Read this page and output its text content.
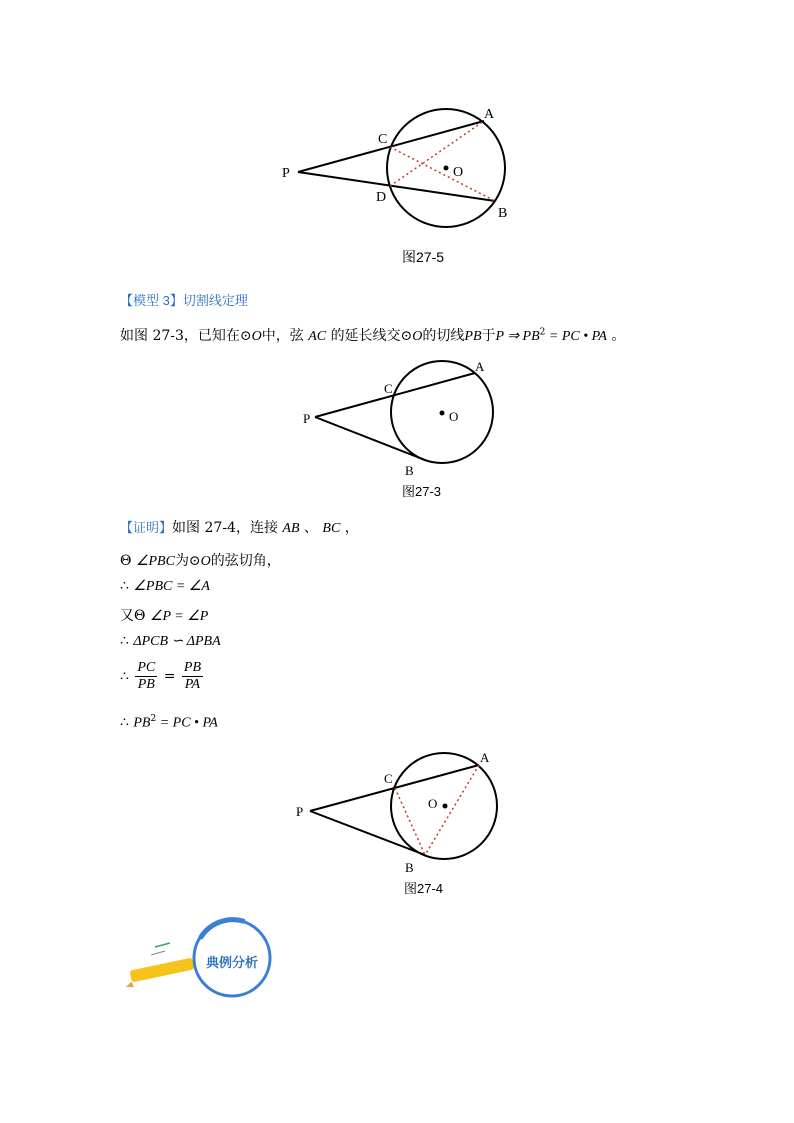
A
B
C
D
O
P
图27-5
【模型 3】切割线定理
如图 27-3，已知在⊙O中，弦 AC 的延长线交⊙O的切线PB于P ⇒ $PB^2$ = PC • PA 。
A
B
C
O
P
图27-3
【证明】如图 27-4，连接 AB 、 BC ，
Θ ∠PBC为⊙O的弦切角，
∴ ∠PBC = ∠A
又Θ ∠P = ∠P
∴ ΔPCB ∽ ΔPBA
∴ $\frac{PC}{PB} = \frac{PB}{PA}$
∴ $PB^2$ = PC • PA
A
B
C
O
P
图27-4
典例分析
